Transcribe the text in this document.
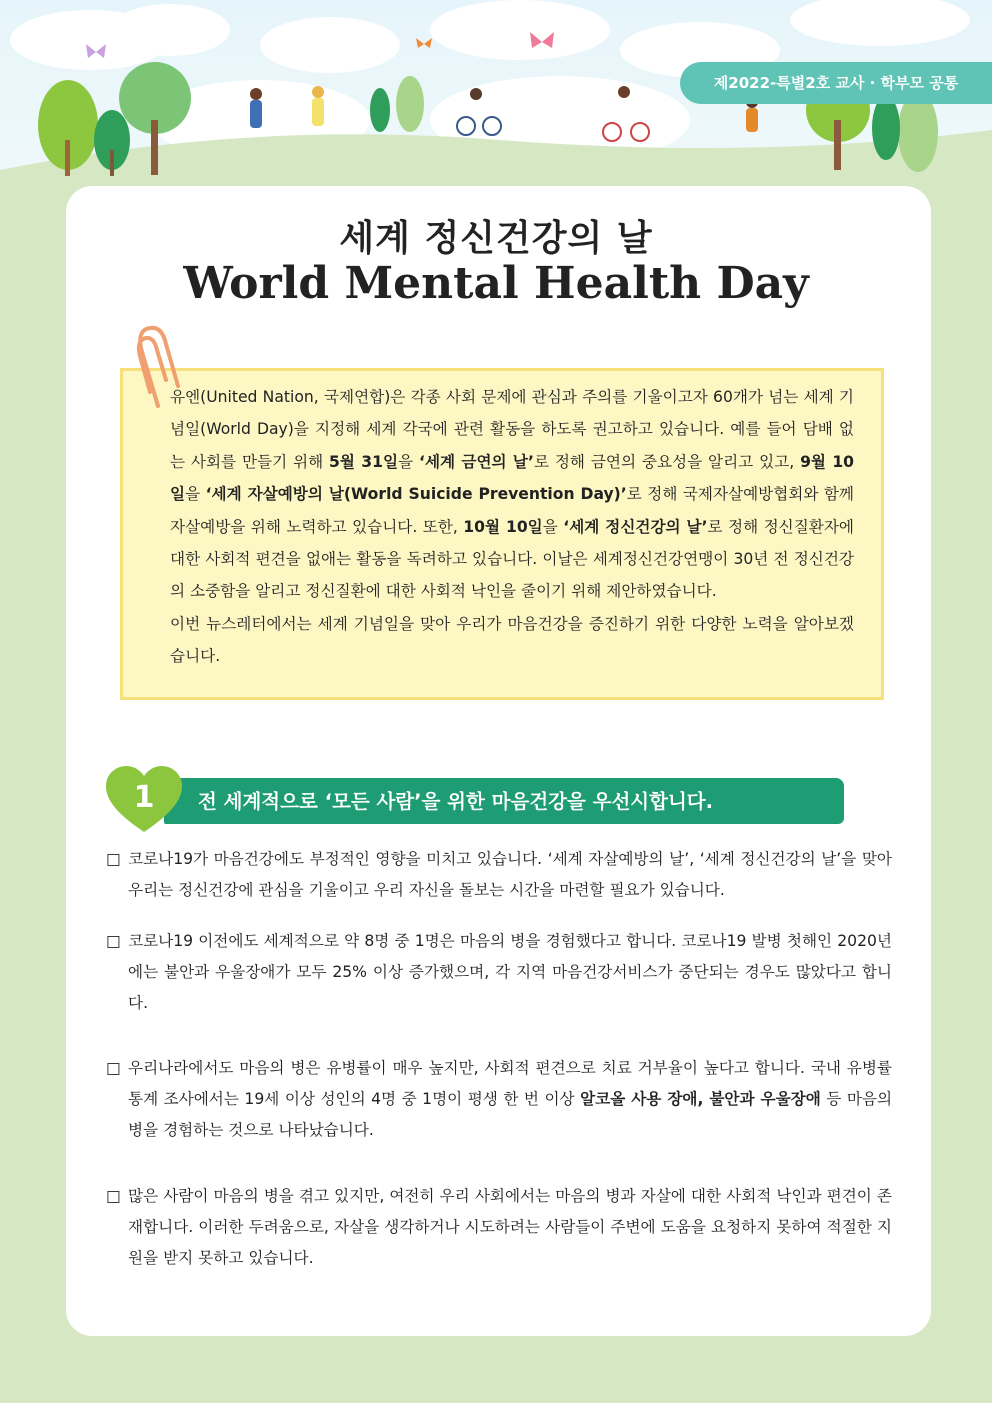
제2022-특별2호 교사 · 학부모 공통
세계 정신건강의 날
World Mental Health Day

유엔(United Nation, 국제연합)은 각종 사회 문제에 관심과 주의를 기울이고자 60개가 넘는 세계 기념일(World Day)을 지정해 세계 각국에 관련 활동을 하도록 권고하고 있습니다. 예를 들어 담배 없는 사회를 만들기 위해 5월 31일을 ‘세계 금연의 날’로 정해 금연의 중요성을 알리고 있고, 9월 10일을 ‘세계 자살예방의 날(World Suicide Prevention Day)’로 정해 국제자살예방협회와 함께 자살예방을 위해 노력하고 있습니다. 또한, 10월 10일을 ‘세계 정신건강의 날’로 정해 정신질환자에 대한 사회적 편견을 없애는 활동을 독려하고 있습니다. 이날은 세계정신건강연맹이 30년 전 정신건강의 소중함을 알리고 정신질환에 대한 사회적 낙인을 줄이기 위해 제안하였습니다.

이번 뉴스레터에서는 세계 기념일을 맞아 우리가 마음건강을 증진하기 위한 다양한 노력을 알아보겠습니다.

1	전 세계적으로 ‘모든 사람’을 위한 마음건강을 우선시합니다.
□ 코로나19가 마음건강에도 부정적인 영향을 미치고 있습니다. ‘세계 자살예방의 날’, ‘세계 정신건강의 날’을 맞아 우리는 정신건강에 관심을 기울이고 우리 자신을 돌보는 시간을 마련할 필요가 있습니다.
□ 코로나19 이전에도 세계적으로 약 8명 중 1명은 마음의 병을 경험했다고 합니다. 코로나19 발병 첫해인 2020년에는 불안과 우울장애가 모두 25% 이상 증가했으며, 각 지역 마음건강서비스가 중단되는 경우도 많았다고 합니다.
□ 우리나라에서도 마음의 병은 유병률이 매우 높지만, 사회적 편견으로 치료 거부율이 높다고 합니다. 국내 유병률 통계 조사에서는 19세 이상 성인의 4명 중 1명이 평생 한 번 이상 알코올 사용 장애, 불안과 우울장애 등 마음의 병을 경험하는 것으로 나타났습니다.
□ 많은 사람이 마음의 병을 겪고 있지만, 여전히 우리 사회에서는 마음의 병과 자살에 대한 사회적 낙인과 편견이 존재합니다. 이러한 두려움으로, 자살을 생각하거나 시도하려는 사람들이 주변에 도움을 요청하지 못하여 적절한 지원을 받지 못하고 있습니다.
